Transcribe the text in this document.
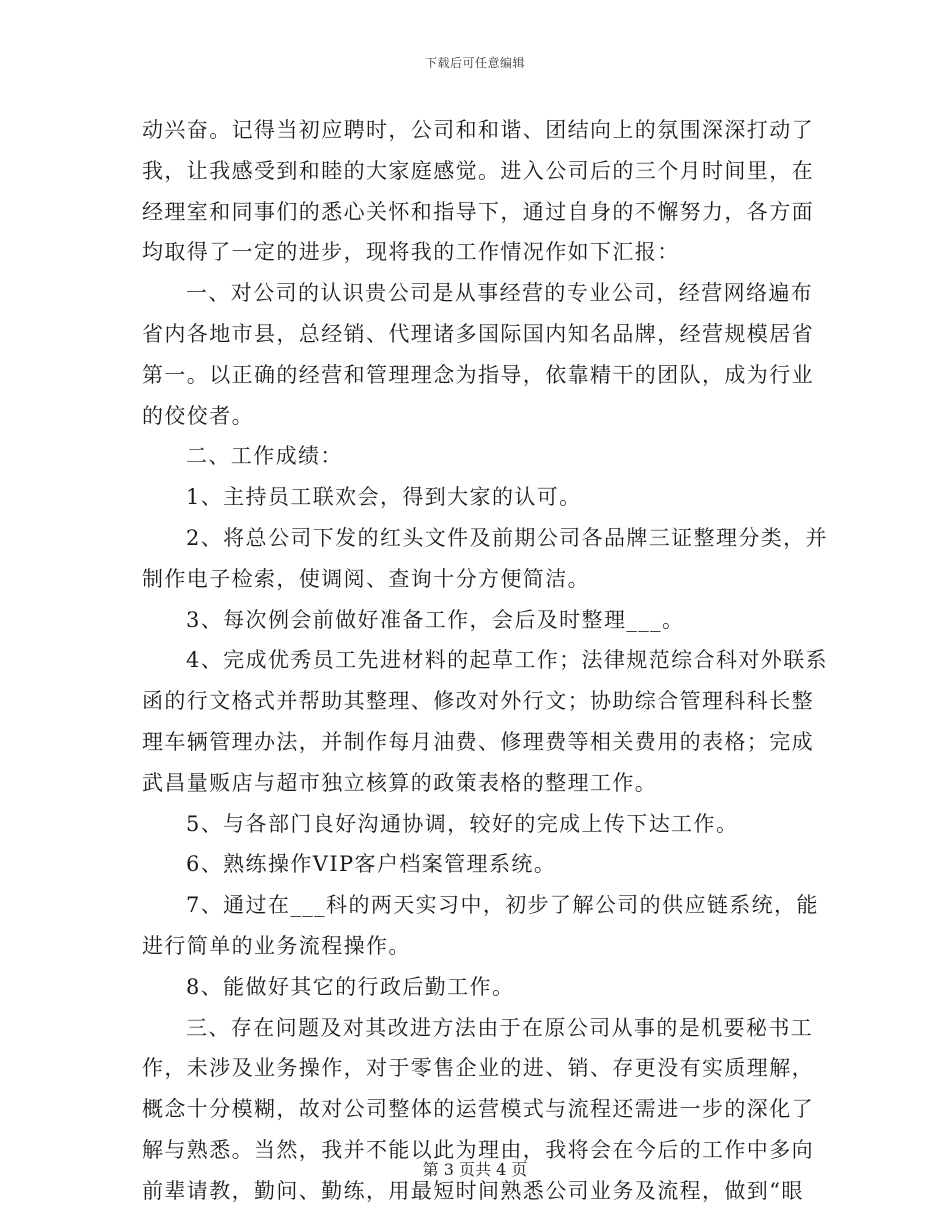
下载后可任意编辑
动兴奋。记得当初应聘时，公司和和谐、团结向上的氛围深深打动了
我，让我感受到和睦的大家庭感觉。进入公司后的三个月时间里，在
经理室和同事们的悉心关怀和指导下，通过自身的不懈努力，各方面
均取得了一定的进步，现将我的工作情况作如下汇报：
一、对公司的认识贵公司是从事经营的专业公司，经营网络遍布
省内各地市县，总经销、代理诸多国际国内知名品牌，经营规模居省
第一。以正确的经营和管理理念为指导，依靠精干的团队，成为行业
的佼佼者。
二、工作成绩：
1、主持员工联欢会，得到大家的认可。
2、将总公司下发的红头文件及前期公司各品牌三证整理分类，并
制作电子检索，使调阅、查询十分方便简洁。
3、每次例会前做好准备工作，会后及时整理___。
4、完成优秀员工先进材料的起草工作；法律规范综合科对外联系
函的行文格式并帮助其整理、修改对外行文；协助综合管理科科长整
理车辆管理办法，并制作每月油费、修理费等相关费用的表格；完成
武昌量贩店与超市独立核算的政策表格的整理工作。
5、与各部门良好沟通协调，较好的完成上传下达工作。
6、熟练操作VIP客户档案管理系统。
7、通过在___科的两天实习中，初步了解公司的供应链系统，能
进行简单的业务流程操作。
8、能做好其它的行政后勤工作。
三、存在问题及对其改进方法由于在原公司从事的是机要秘书工
作，未涉及业务操作，对于零售企业的进、销、存更没有实质理解，
概念十分模糊，故对公司整体的运营模式与流程还需进一步的深化了
解与熟悉。当然，我并不能以此为理由，我将会在今后的工作中多向
前辈请教，勤问、勤练，用最短时间熟悉公司业务及流程，做到“眼
第 3 页共 4 页
